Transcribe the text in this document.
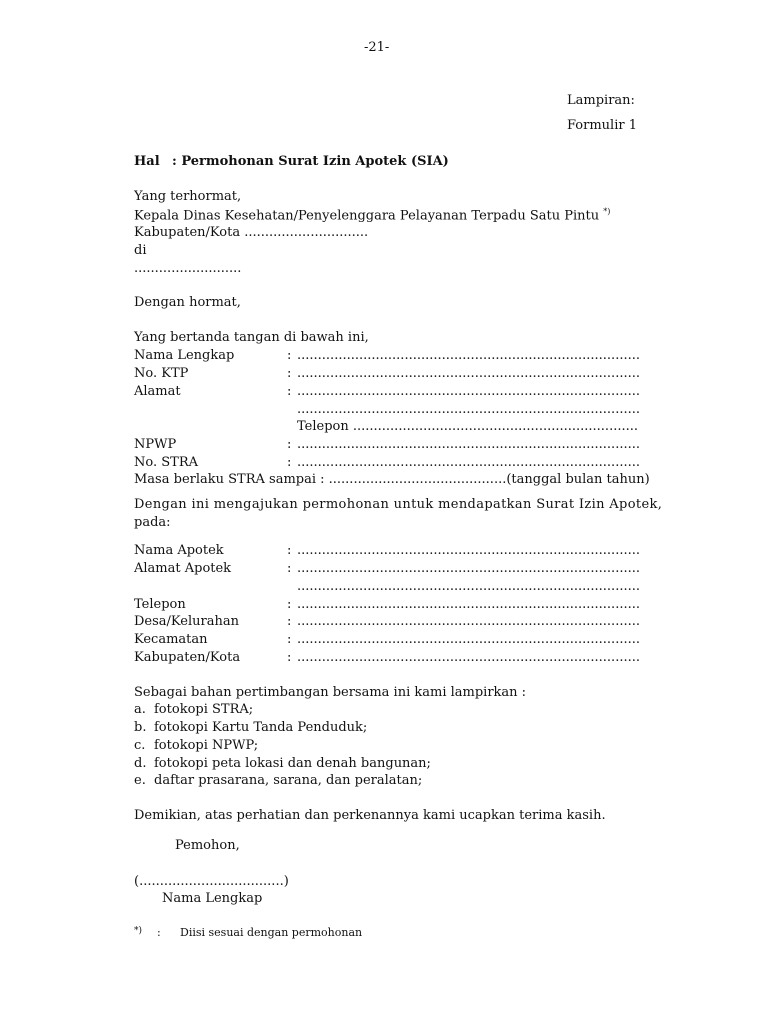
-21-
Lampiran:
Formulir 1
Hal : Permohonan Surat Izin Apotek (SIA)
Yang terhormat,
Kepala Dinas Kesehatan/Penyelenggara Pelayanan Terpadu Satu Pintu *)
Kabupaten/Kota ..............................
di
..........................
Dengan hormat,
Yang bertanda tangan di bawah ini,
Nama Lengkap	: ...................................................................................
No. KTP	: ...................................................................................
Alamat	: ...................................................................................
...................................................................................
Telepon .....................................................................
NPWP	: ...................................................................................
No. STRA	: ...................................................................................
Masa berlaku STRA sampai : ...........................................(tanggal bulan tahun)
Dengan ini mengajukan permohonan untuk mendapatkan Surat Izin Apotek,
pada:
Nama Apotek	: ...................................................................................
Alamat Apotek	: ...................................................................................
...................................................................................
Telepon	: ...................................................................................
Desa/Kelurahan	: ...................................................................................
Kecamatan	: ...................................................................................
Kabupaten/Kota	: ...................................................................................
Sebagai bahan pertimbangan bersama ini kami lampirkan :
a. fotokopi STRA;
b. fotokopi Kartu Tanda Penduduk;
c. fotokopi NPWP;
d. fotokopi peta lokasi dan denah bangunan;
e. daftar prasarana, sarana, dan peralatan;
Demikian, atas perhatian dan perkenannya kami ucapkan terima kasih.
Pemohon,
(...................................)
Nama Lengkap
*) : Diisi sesuai dengan permohonan
